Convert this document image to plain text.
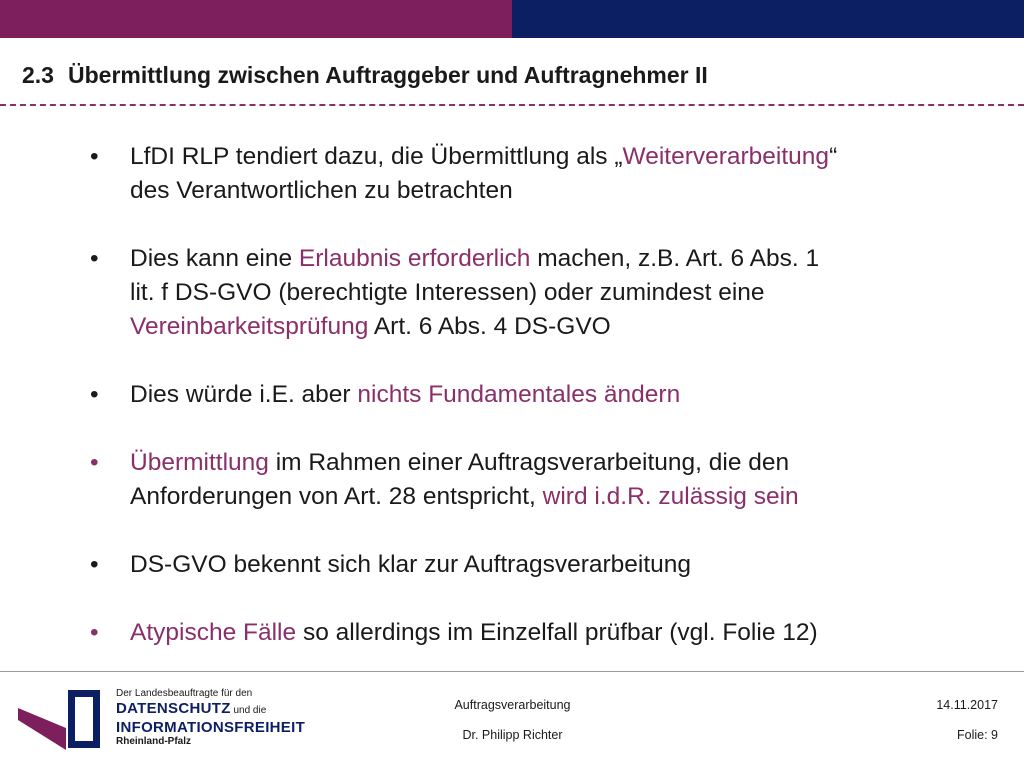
2.3 Übermittlung zwischen Auftraggeber und Auftragnehmer II
•	LfDI RLP tendiert dazu, die Übermittlung als „Weiterverarbeitung“
des Verantwortlichen zu betrachten
•	Dies kann eine Erlaubnis erforderlich machen, z.B. Art. 6 Abs. 1
lit. f DS-GVO (berechtigte Interessen) oder zumindest eine
Vereinbarkeitsprüfung Art. 6 Abs. 4 DS-GVO
•	Dies würde i.E. aber nichts Fundamentales ändern
•	Übermittlung im Rahmen einer Auftragsverarbeitung, die den
Anforderungen von Art. 28 entspricht, wird i.d.R. zulässig sein
•	DS-GVO bekennt sich klar zur Auftragsverarbeitung
•	Atypische Fälle so allerdings im Einzelfall prüfbar (vgl. Folie 12)
Der Landesbeauftragte für den
DATENSCHUTZ und die
INFORMATIONSFREIHEIT
Rheinland-Pfalz
Auftragsverarbeitung
Dr. Philipp Richter
14.11.2017
Folie: 9
